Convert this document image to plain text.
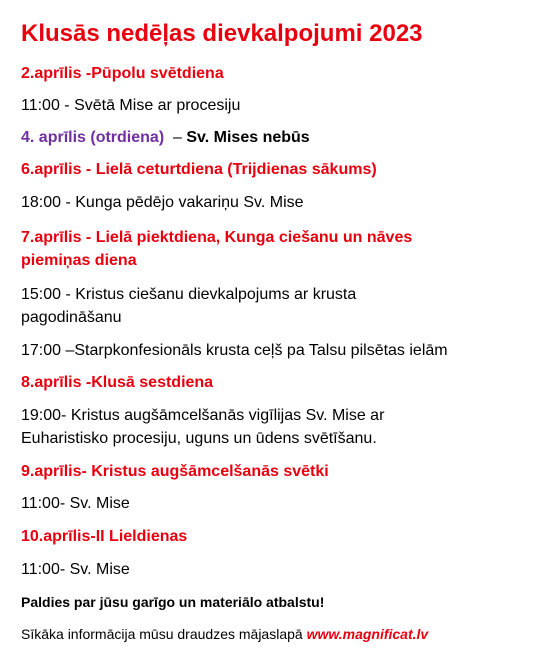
Klusās nedēļas dievkalpojumi 2023
2.aprīlis -Pūpolu svētdiena
11:00 - Svētā Mise ar procesiju
4. aprīlis (otrdiena)  – Sv. Mises nebūs
6.aprīlis - Lielā ceturtdiena (Trijdienas sākums)
18:00 - Kunga pēdējo vakariņu Sv. Mise
7.aprīlis - Lielā piektdiena, Kunga ciešanu un nāves
piemiņas diena
15:00 - Kristus ciešanu dievkalpojums ar krusta
pagodināšanu
17:00 –Starpkonfesionāls krusta ceļš pa Talsu pilsētas ielām
8.aprīlis -Klusā sestdiena
19:00- Kristus augšāmcelšanās vigīlijas Sv. Mise ar
Euharistisko procesiju, uguns un ūdens svētīšanu.
9.aprīlis- Kristus augšāmcelšanās svētki
11:00- Sv. Mise
10.aprīlis-II Lieldienas
11:00- Sv. Mise
Paldies par jūsu garīgo un materiālo atbalstu!
Sīkāka informācija mūsu draudzes mājaslapā www.magnificat.lv
